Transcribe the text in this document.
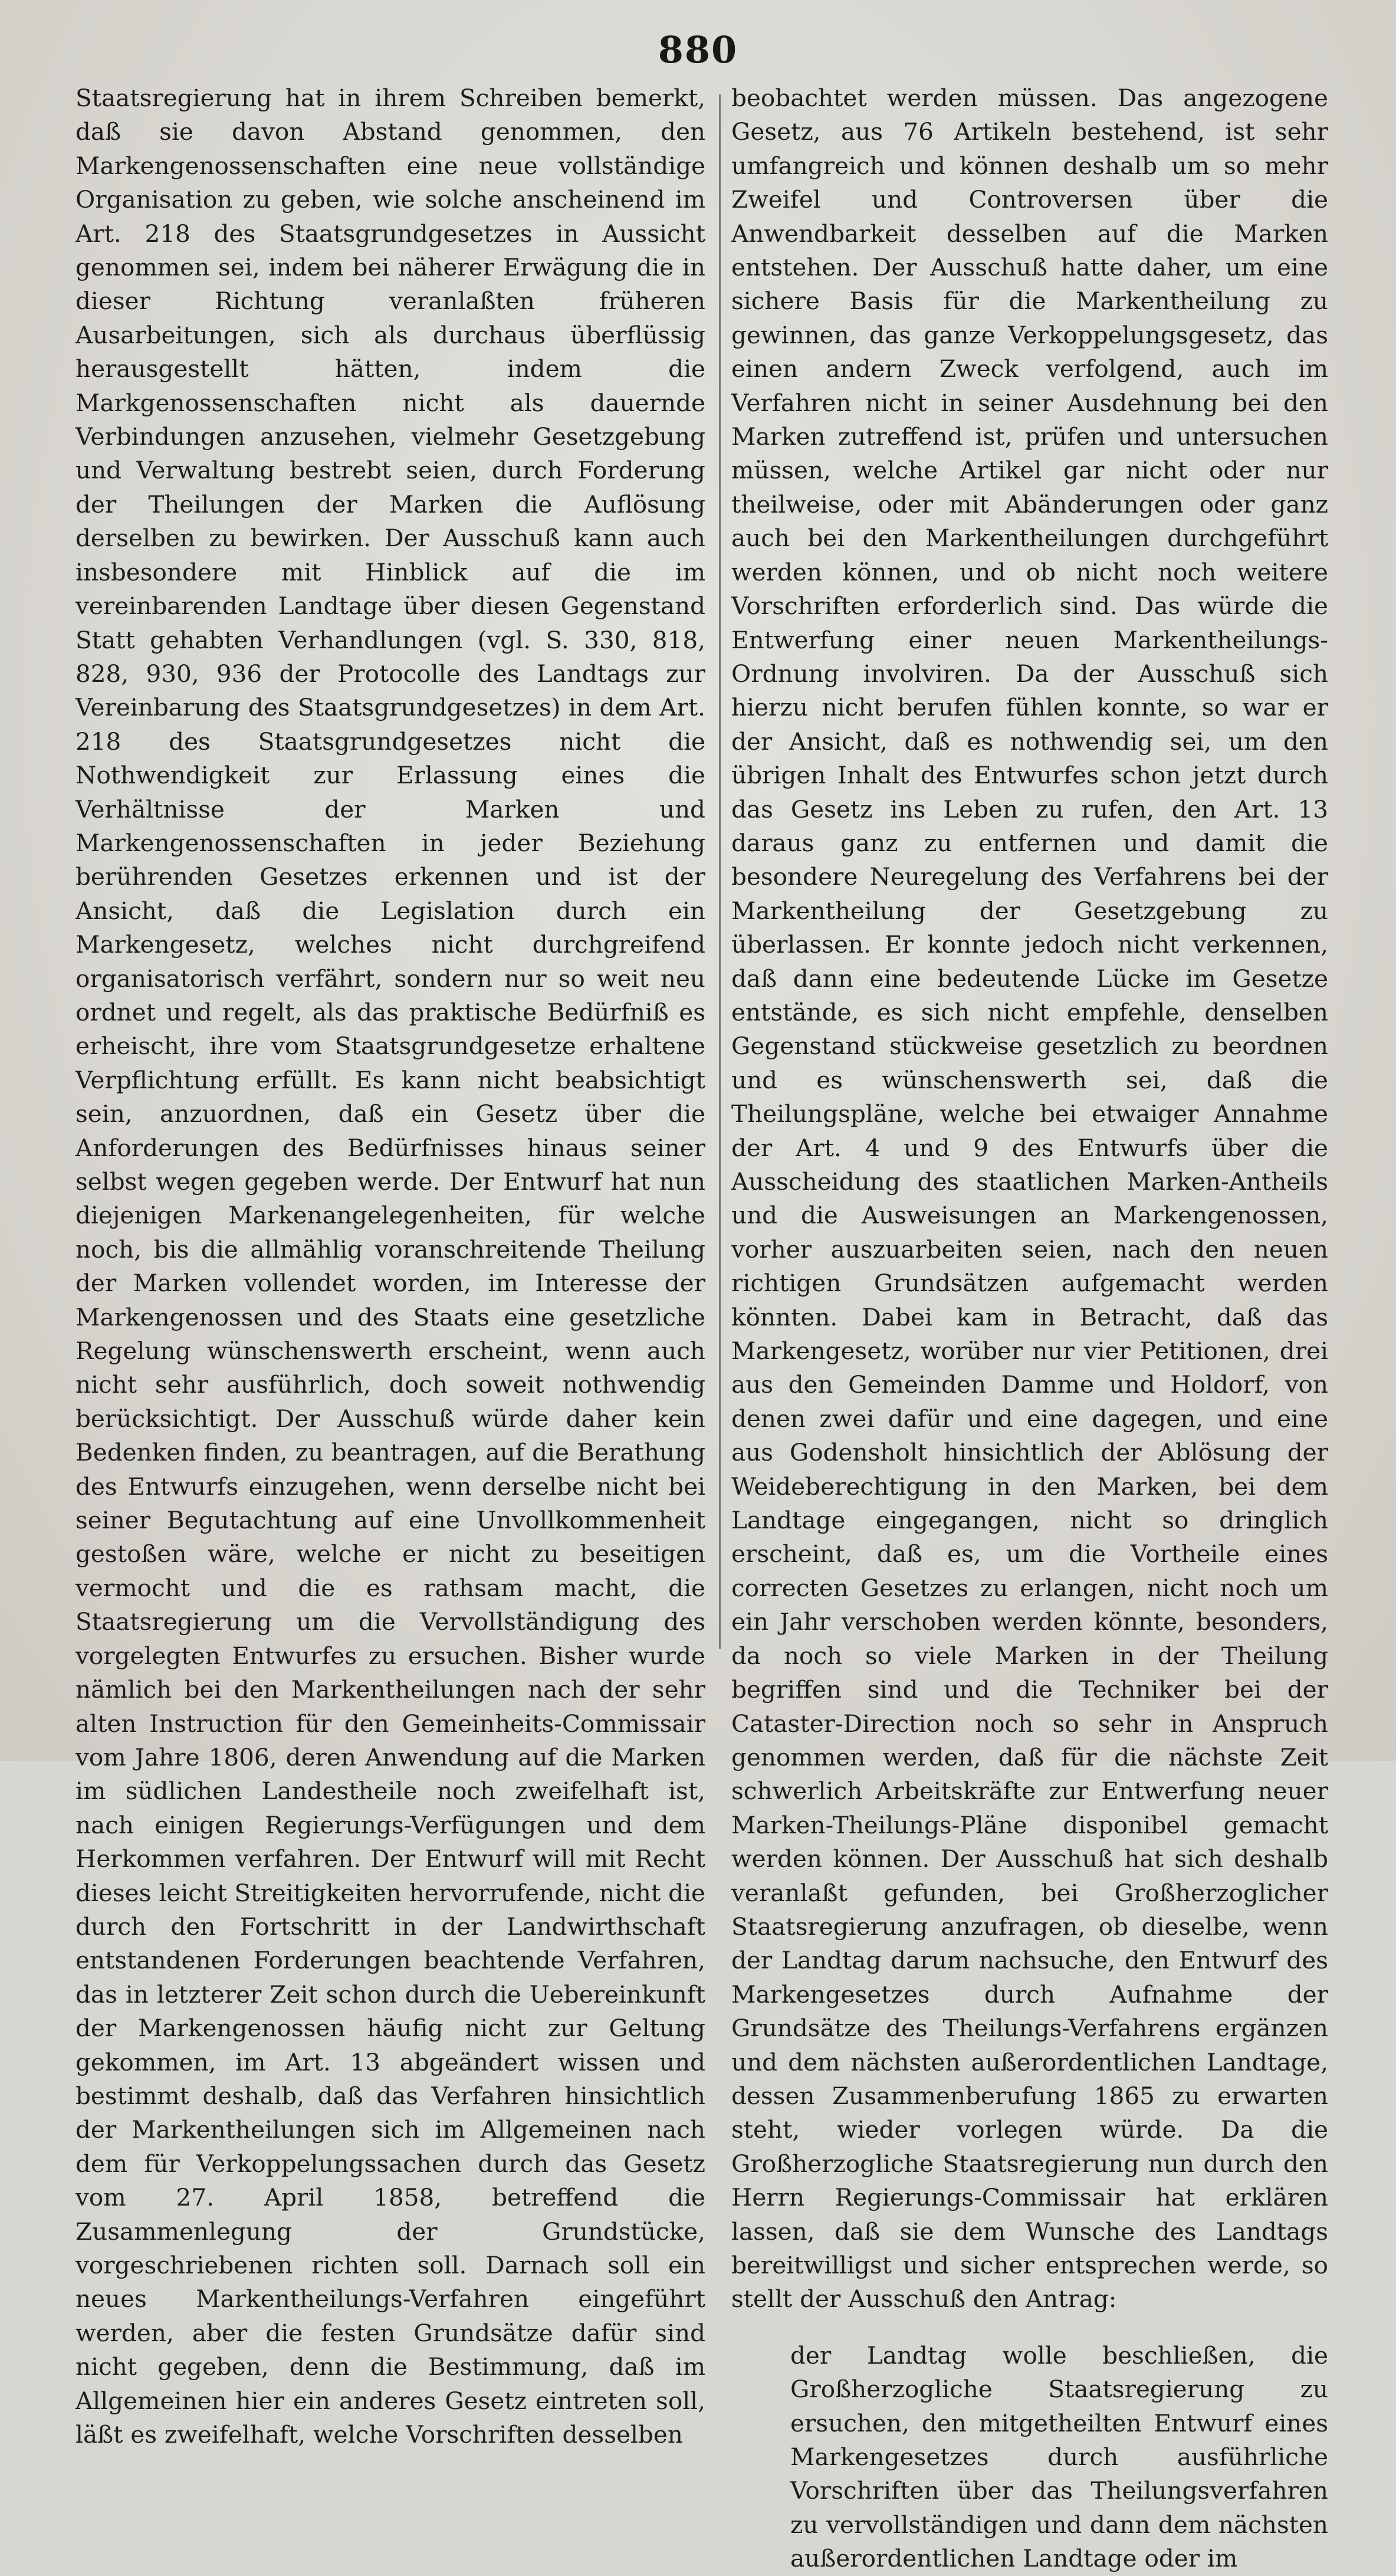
880

Staatsregierung hat in ihrem Schreiben bemerkt, daß sie davon Abstand genommen, den Markengenossenschaften eine neue vollständige Organisation zu geben, wie solche anscheinend im Art. 218 des Staatsgrundgesetzes in Aussicht genommen sei, indem bei näherer Erwägung die in dieser Richtung veranlaßten früheren Ausarbeitungen, sich als durchaus überflüssig herausgestellt hätten, indem die Markgenossenschaften nicht als dauernde Verbindungen anzusehen, vielmehr Gesetzgebung und Verwaltung bestrebt seien, durch Forderung der Theilungen der Marken die Auflösung derselben zu bewirken. Der Ausschuß kann auch insbesondere mit Hinblick auf die im vereinbarenden Landtage über diesen Gegenstand Statt gehabten Verhandlungen (vgl. S. 330, 818, 828, 930, 936 der Protocolle des Landtags zur Vereinbarung des Staatsgrundgesetzes) in dem Art. 218 des Staatsgrundgesetzes nicht die Nothwendigkeit zur Erlassung eines die Verhältnisse der Marken und Markengenossenschaften in jeder Beziehung berührenden Gesetzes erkennen und ist der Ansicht, daß die Legislation durch ein Markengesetz, welches nicht durchgreifend organisatorisch verfährt, sondern nur so weit neu ordnet und regelt, als das praktische Bedürfniß es erheischt, ihre vom Staatsgrundgesetze erhaltene Verpflichtung erfüllt. Es kann nicht beabsichtigt sein, anzuordnen, daß ein Gesetz über die Anforderungen des Bedürfnisses hinaus seiner selbst wegen gegeben werde. Der Entwurf hat nun diejenigen Markenangelegenheiten, für welche noch, bis die allmählig voranschreitende Theilung der Marken vollendet worden, im Interesse der Markengenossen und des Staats eine gesetzliche Regelung wünschenswerth erscheint, wenn auch nicht sehr ausführlich, doch soweit nothwendig berücksichtigt. Der Ausschuß würde daher kein Bedenken finden, zu beantragen, auf die Berathung des Entwurfs einzugehen, wenn derselbe nicht bei seiner Begutachtung auf eine Unvollkommenheit gestoßen wäre, welche er nicht zu beseitigen vermocht und die es rathsam macht, die Staatsregierung um die Vervollständigung des vorgelegten Entwurfes zu ersuchen. Bisher wurde nämlich bei den Markentheilungen nach der sehr alten Instruction für den Gemeinheits-Commissair vom Jahre 1806, deren Anwendung auf die Marken im südlichen Landestheile noch zweifelhaft ist, nach einigen Regierungs-Verfügungen und dem Herkommen verfahren. Der Entwurf will mit Recht dieses leicht Streitigkeiten hervorrufende, nicht die durch den Fortschritt in der Landwirthschaft entstandenen Forderungen beachtende Verfahren, das in letzterer Zeit schon durch die Uebereinkunft der Markengenossen häufig nicht zur Geltung gekommen, im Art. 13 abgeändert wissen und bestimmt deshalb, daß das Verfahren hinsichtlich der Markentheilungen sich im Allgemeinen nach dem für Verkoppelungssachen durch das Gesetz vom 27. April 1858, betreffend die Zusammenlegung der Grundstücke, vorgeschriebenen richten soll. Darnach soll ein neues Markentheilungs-Verfahren eingeführt werden, aber die festen Grundsätze dafür sind nicht gegeben, denn die Bestimmung, daß im Allgemeinen hier ein anderes Gesetz eintreten soll, läßt es zweifelhaft, welche Vorschriften desselben

beobachtet werden müssen. Das angezogene Gesetz, aus 76 Artikeln bestehend, ist sehr umfangreich und können deshalb um so mehr Zweifel und Controversen über die Anwendbarkeit desselben auf die Marken entstehen. Der Ausschuß hatte daher, um eine sichere Basis für die Markentheilung zu gewinnen, das ganze Verkoppelungsgesetz, das einen andern Zweck verfolgend, auch im Verfahren nicht in seiner Ausdehnung bei den Marken zutreffend ist, prüfen und untersuchen müssen, welche Artikel gar nicht oder nur theilweise, oder mit Abänderungen oder ganz auch bei den Markentheilungen durchgeführt werden können, und ob nicht noch weitere Vorschriften erforderlich sind. Das würde die Entwerfung einer neuen Markentheilungs-Ordnung involviren. Da der Ausschuß sich hierzu nicht berufen fühlen konnte, so war er der Ansicht, daß es nothwendig sei, um den übrigen Inhalt des Entwurfes schon jetzt durch das Gesetz ins Leben zu rufen, den Art. 13 daraus ganz zu entfernen und damit die besondere Neuregelung des Verfahrens bei der Markentheilung der Gesetzgebung zu überlassen. Er konnte jedoch nicht verkennen, daß dann eine bedeutende Lücke im Gesetze entstände, es sich nicht empfehle, denselben Gegenstand stückweise gesetzlich zu beordnen und es wünschenswerth sei, daß die Theilungspläne, welche bei etwaiger Annahme der Art. 4 und 9 des Entwurfs über die Ausscheidung des staatlichen Marken-Antheils und die Ausweisungen an Markengenossen, vorher auszuarbeiten seien, nach den neuen richtigen Grundsätzen aufgemacht werden könnten. Dabei kam in Betracht, daß das Markengesetz, worüber nur vier Petitionen, drei aus den Gemeinden Damme und Holdorf, von denen zwei dafür und eine dagegen, und eine aus Godensholt hinsichtlich der Ablösung der Weideberechtigung in den Marken, bei dem Landtage eingegangen, nicht so dringlich erscheint, daß es, um die Vortheile eines correcten Gesetzes zu erlangen, nicht noch um ein Jahr verschoben werden könnte, besonders, da noch so viele Marken in der Theilung begriffen sind und die Techniker bei der Cataster-Direction noch so sehr in Anspruch genommen werden, daß für die nächste Zeit schwerlich Arbeitskräfte zur Entwerfung neuer Marken-Theilungs-Pläne disponibel gemacht werden können. Der Ausschuß hat sich deshalb veranlaßt gefunden, bei Großherzoglicher Staatsregierung anzufragen, ob dieselbe, wenn der Landtag darum nachsuche, den Entwurf des Markengesetzes durch Aufnahme der Grundsätze des Theilungs-Verfahrens ergänzen und dem nächsten außerordentlichen Landtage, dessen Zusammenberufung 1865 zu erwarten steht, wieder vorlegen würde. Da die Großherzogliche Staatsregierung nun durch den Herrn Regierungs-Commissair hat erklären lassen, daß sie dem Wunsche des Landtags bereitwilligst und sicher entsprechen werde, so stellt der Ausschuß den Antrag:

der Landtag wolle beschließen, die Großherzogliche Staatsregierung zu ersuchen, den mitgetheilten Entwurf eines Markengesetzes durch ausführliche Vorschriften über das Theilungsverfahren zu vervollständigen und dann dem nächsten außerordentlichen Landtage oder im
